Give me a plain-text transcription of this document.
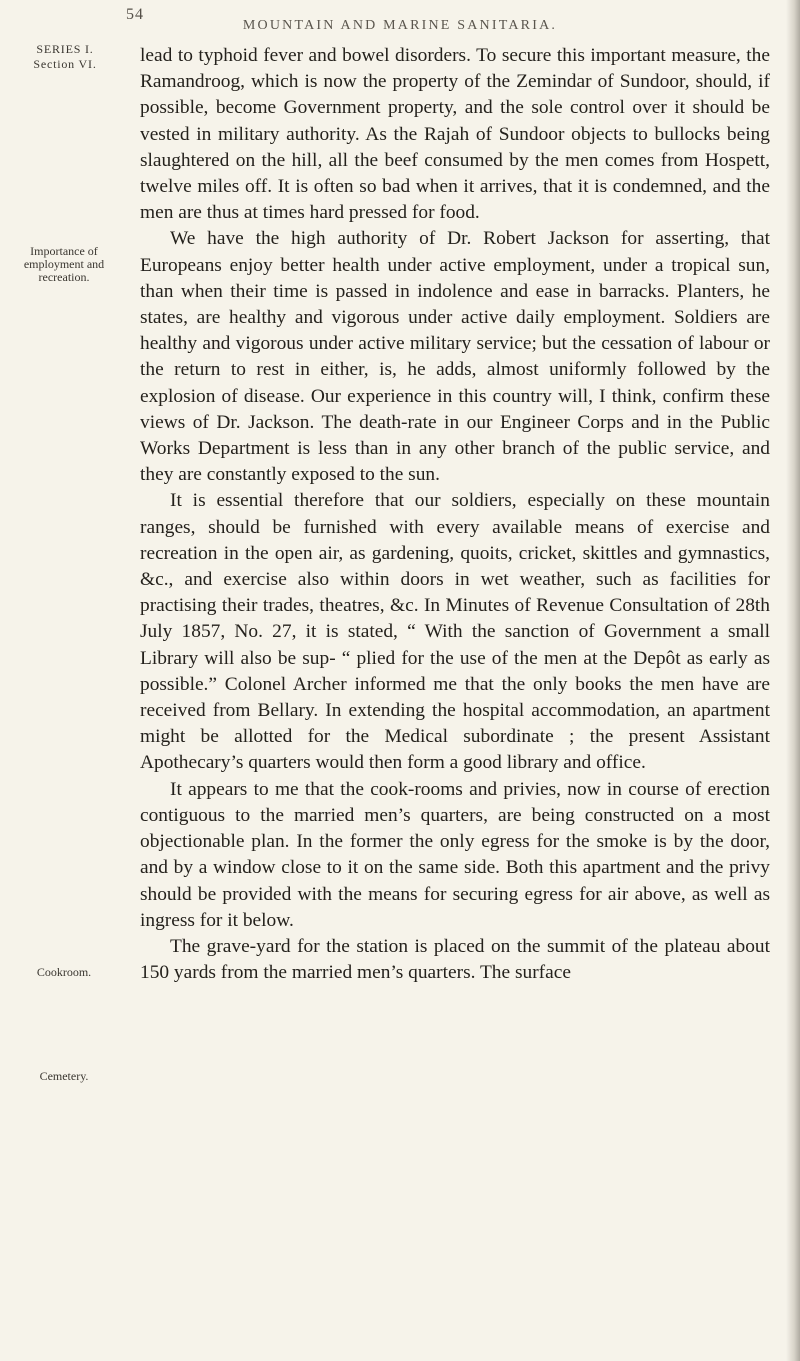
54
MOUNTAIN AND MARINE SANITARIA.
SERIES I.
Section VI.
Importance of employment and recreation.
Cookroom.
Cemetery.

lead to typhoid fever and bowel disorders. To secure this important measure, the Ramandroog, which is now the property of the Zemindar of Sundoor, should, if possible, become Government property, and the sole control over it should be vested in military authority. As the Rajah of Sundoor objects to bullocks being slaughtered on the hill, all the beef consumed by the men comes from Hospett, twelve miles off. It is often so bad when it arrives, that it is condemned, and the men are thus at times hard pressed for food.

We have the high authority of Dr. Robert Jackson for asserting, that Europeans enjoy better health under active employment, under a tropical sun, than when their time is passed in indolence and ease in barracks. Planters, he states, are healthy and vigorous under active daily employment. Soldiers are healthy and vigorous under active military service; but the cessation of labour or the return to rest in either, is, he adds, almost uniformly followed by the explosion of disease. Our experience in this country will, I think, confirm these views of Dr. Jackson. The death-rate in our Engineer Corps and in the Public Works Department is less than in any other branch of the public service, and they are constantly exposed to the sun.

It is essential therefore that our soldiers, especially on these mountain ranges, should be furnished with every available means of exercise and recreation in the open air, as gardening, quoits, cricket, skittles and gymnastics, &c., and exercise also within doors in wet weather, such as facilities for practising their trades, theatres, &c. In Minutes of Revenue Consultation of 28th July 1857, No. 27, it is stated, “ With the sanction of Government a small Library will also be sup- “ plied for the use of the men at the Depôt as early as possible.” Colonel Archer informed me that the only books the men have are received from Bellary. In extending the hospital accommodation, an apartment might be allotted for the Medical subordinate ; the present Assistant Apothecary’s quarters would then form a good library and office.

It appears to me that the cook-rooms and privies, now in course of erection contiguous to the married men’s quarters, are being constructed on a most objectionable plan. In the former the only egress for the smoke is by the door, and by a window close to it on the same side. Both this apartment and the privy should be provided with the means for securing egress for air above, as well as ingress for it below.

The grave-yard for the station is placed on the summit of the plateau about 150 yards from the married men’s quarters. The surface
